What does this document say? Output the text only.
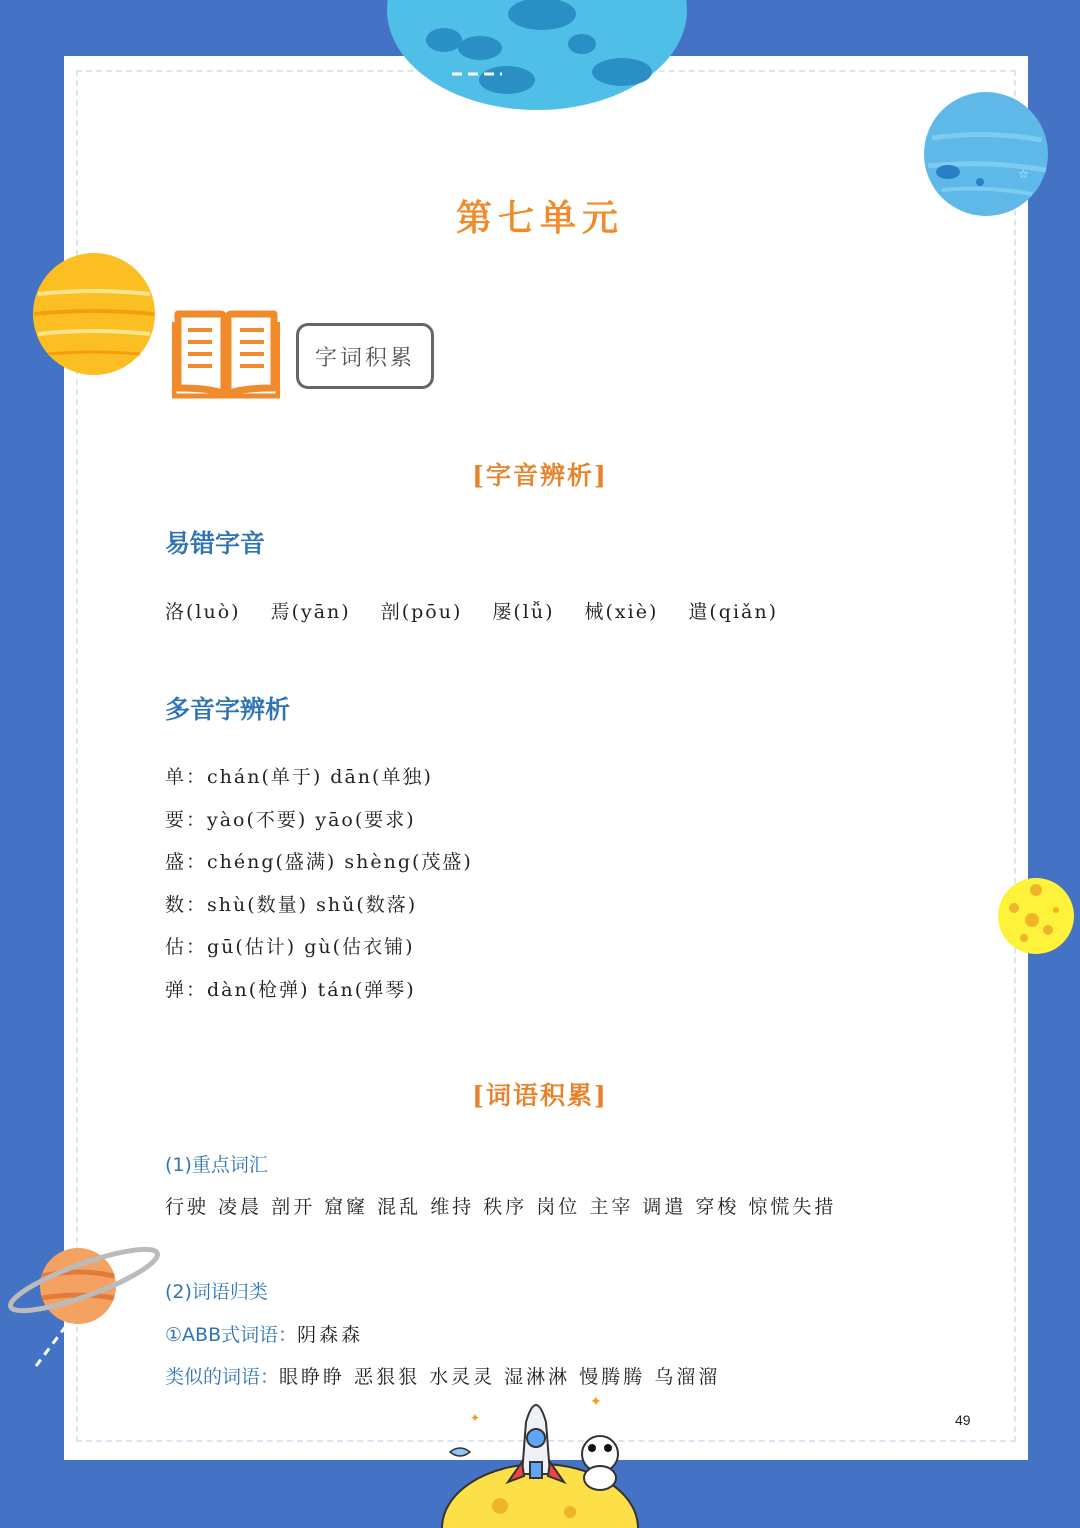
☆
✦
✦
第七单元
字词积累
[字音辨析]
易错字音
洛(luò) 焉(yān) 剖(pōu) 屡(lǚ) 械(xiè) 遣(qiǎn)
多音字辨析
单：chán(单于) dān(单独)
要：yào(不要) yāo(要求)
盛：chéng(盛满) shèng(茂盛)
数：shù(数量) shǔ(数落)
估：gū(估计) gù(估衣铺)
弹：dàn(枪弹) tán(弹琴)
[词语积累]
(1)重点词汇
行驶 凌晨 剖开 窟窿 混乱 维持 秩序 岗位 主宰 调遣 穿梭 惊慌失措
(2)词语归类
①ABB式词语：阴森森
类似的词语：眼睁睁 恶狠狠 水灵灵 湿淋淋 慢腾腾 乌溜溜
49
